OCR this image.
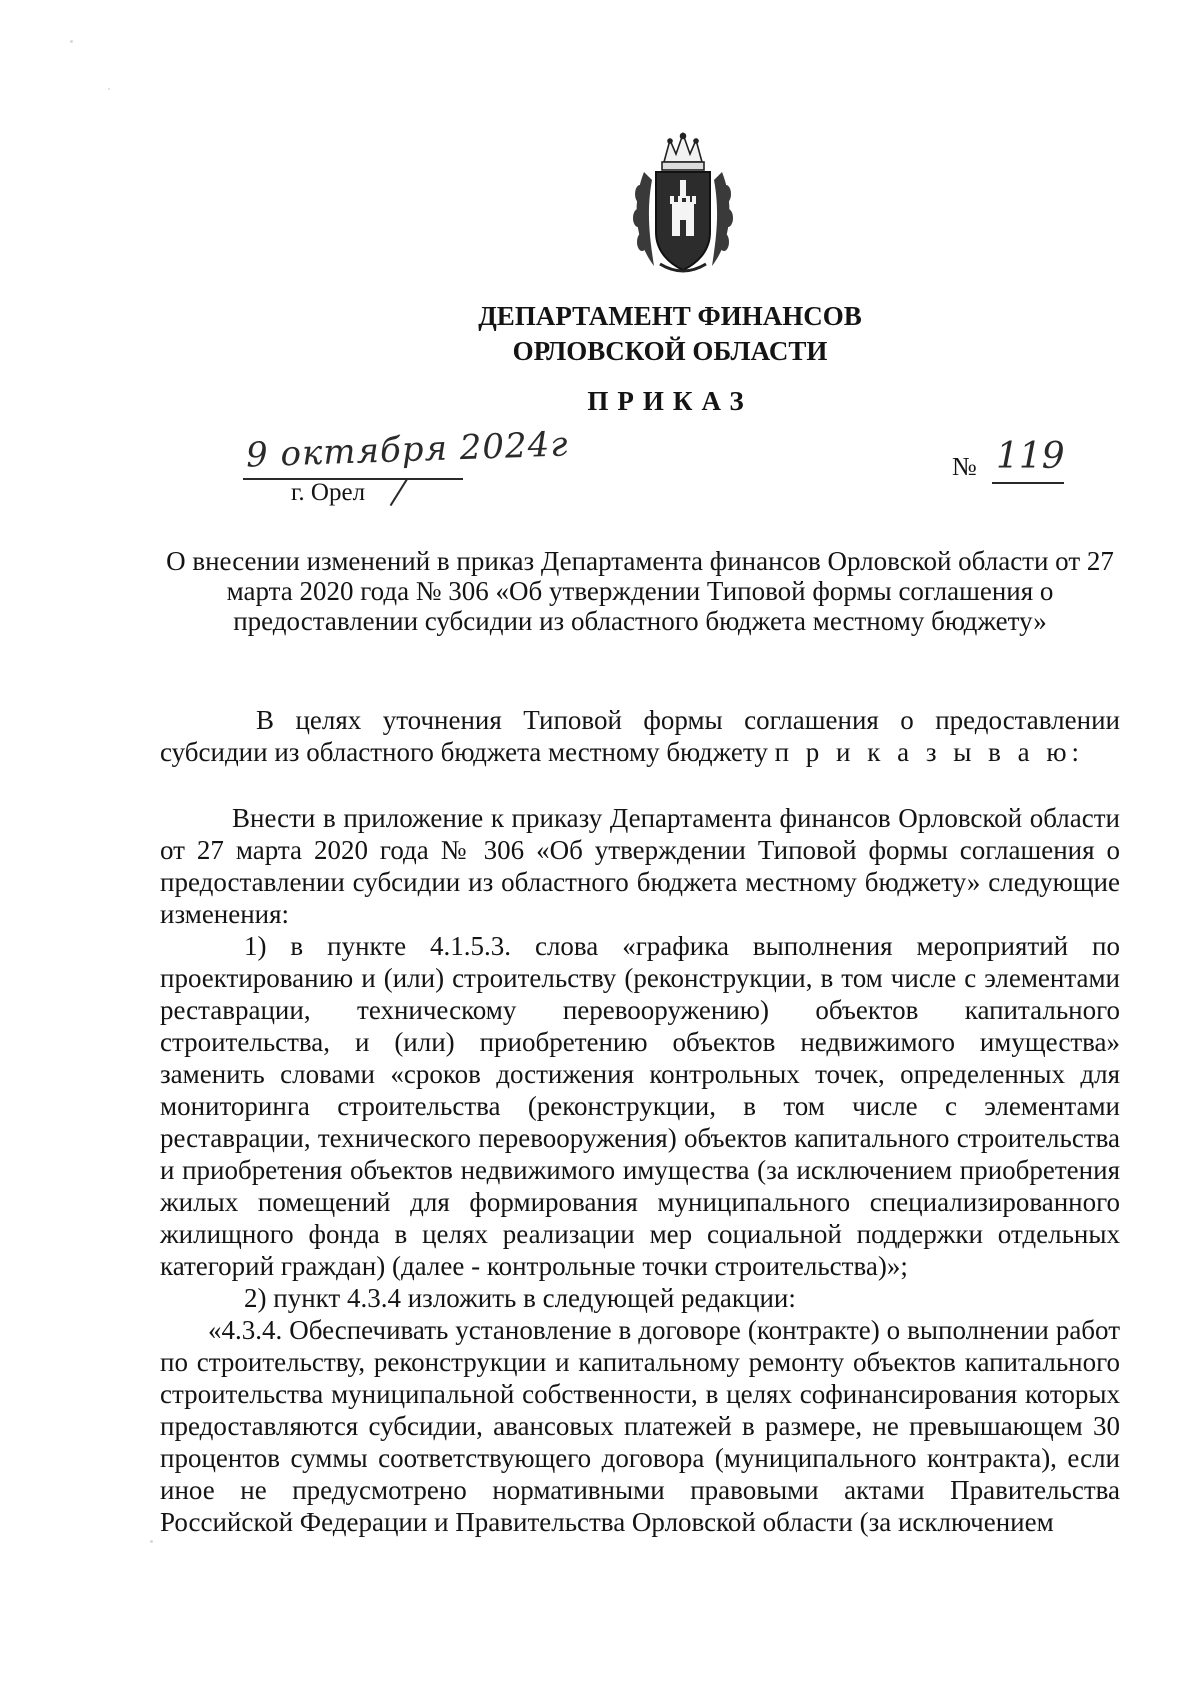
ДЕПАРТАМЕНТ ФИНАНСОВ
ОРЛОВСКОЙ ОБЛАСТИ
ПРИКАЗ
9 октября 2024г
г. Орел
№ 119
О внесении изменений в приказ Департамента финансов Орловской области от 27 марта 2020 года № 306 «Об утверждении Типовой формы соглашения о предоставлении субсидии из областного бюджета местному бюджету»

В целях уточнения Типовой формы соглашения о предоставлении субсидии из областного бюджета местному бюджету п р и к а з ы в а ю:

Внести в приложение к приказу Департамента финансов Орловской области от 27 марта 2020 года № 306 «Об утверждении Типовой формы соглашения о предоставлении субсидии из областного бюджета местному бюджету» следующие изменения:

1) в пункте 4.1.5.3. слова «графика выполнения мероприятий по проектированию и (или) строительству (реконструкции, в том числе с элементами реставрации, техническому перевооружению) объектов капитального строительства, и (или) приобретению объектов недвижимого имущества» заменить словами «сроков достижения контрольных точек, определенных для мониторинга строительства (реконструкции, в том числе с элементами реставрации, технического перевооружения) объектов капитального строительства и приобретения объектов недвижимого имущества (за исключением приобретения жилых помещений для формирования муниципального специализированного жилищного фонда в целях реализации мер социальной поддержки отдельных категорий граждан) (далее - контрольные точки строительства)»;

2) пункт 4.3.4 изложить в следующей редакции:

«4.3.4. Обеспечивать установление в договоре (контракте) о выполнении работ по строительству, реконструкции и капитальному ремонту объектов капитального строительства муниципальной собственности, в целях софинансирования которых предоставляются субсидии, авансовых платежей в размере, не превышающем 30 процентов суммы соответствующего договора (муниципального контракта), если иное не предусмотрено нормативными правовыми актами Правительства Российской Федерации и Правительства Орловской области (за исключением
